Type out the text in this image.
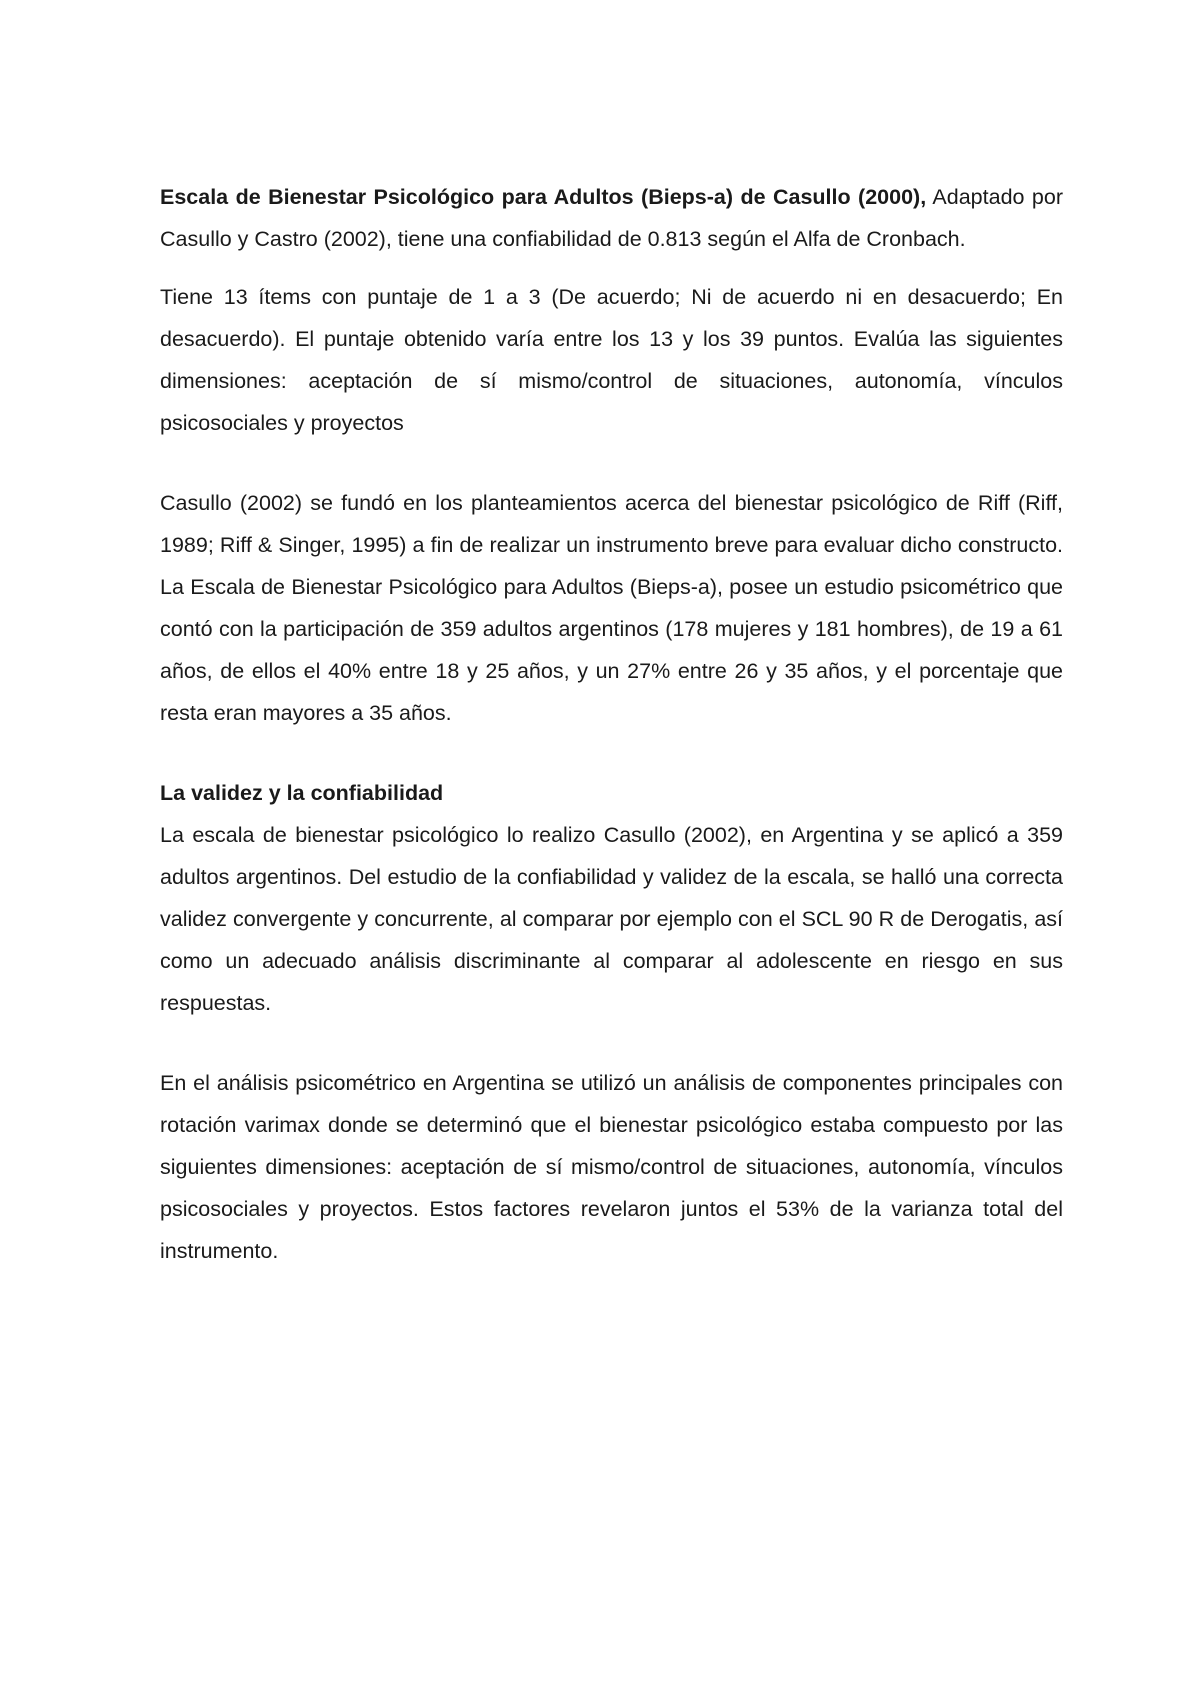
Escala de Bienestar Psicológico para Adultos (Bieps-a) de Casullo (2000), Adaptado por Casullo y Castro (2002), tiene una confiabilidad de 0.813 según el Alfa de Cronbach.

Tiene 13 ítems con puntaje de 1 a 3 (De acuerdo; Ni de acuerdo ni en desacuerdo; En desacuerdo). El puntaje obtenido varía entre los 13 y los 39 puntos. Evalúa las siguientes dimensiones: aceptación de sí mismo/control de situaciones, autonomía, vínculos psicosociales y proyectos

Casullo (2002) se fundó en los planteamientos acerca del bienestar psicológico de Riff (Riff, 1989; Riff & Singer, 1995) a fin de realizar un instrumento breve para evaluar dicho constructo. La Escala de Bienestar Psicológico para Adultos (Bieps-a), posee un estudio psicométrico que contó con la participación de 359 adultos argentinos (178 mujeres y 181 hombres), de 19 a 61 años, de ellos el 40% entre 18 y 25 años, y un 27% entre 26 y 35 años, y el porcentaje que resta eran mayores a 35 años.

La validez y la confiabilidad

La escala de bienestar psicológico lo realizo Casullo (2002), en Argentina y se aplicó a 359 adultos argentinos. Del estudio de la confiabilidad y validez de la escala, se halló una correcta validez convergente y concurrente, al comparar por ejemplo con el SCL 90 R de Derogatis, así como un adecuado análisis discriminante al comparar al adolescente en riesgo en sus respuestas.

En el análisis psicométrico en Argentina se utilizó un análisis de componentes principales con rotación varimax donde se determinó que el bienestar psicológico estaba compuesto por las siguientes dimensiones: aceptación de sí mismo/control de situaciones, autonomía, vínculos psicosociales y proyectos. Estos factores revelaron juntos el 53% de la varianza total del instrumento.
